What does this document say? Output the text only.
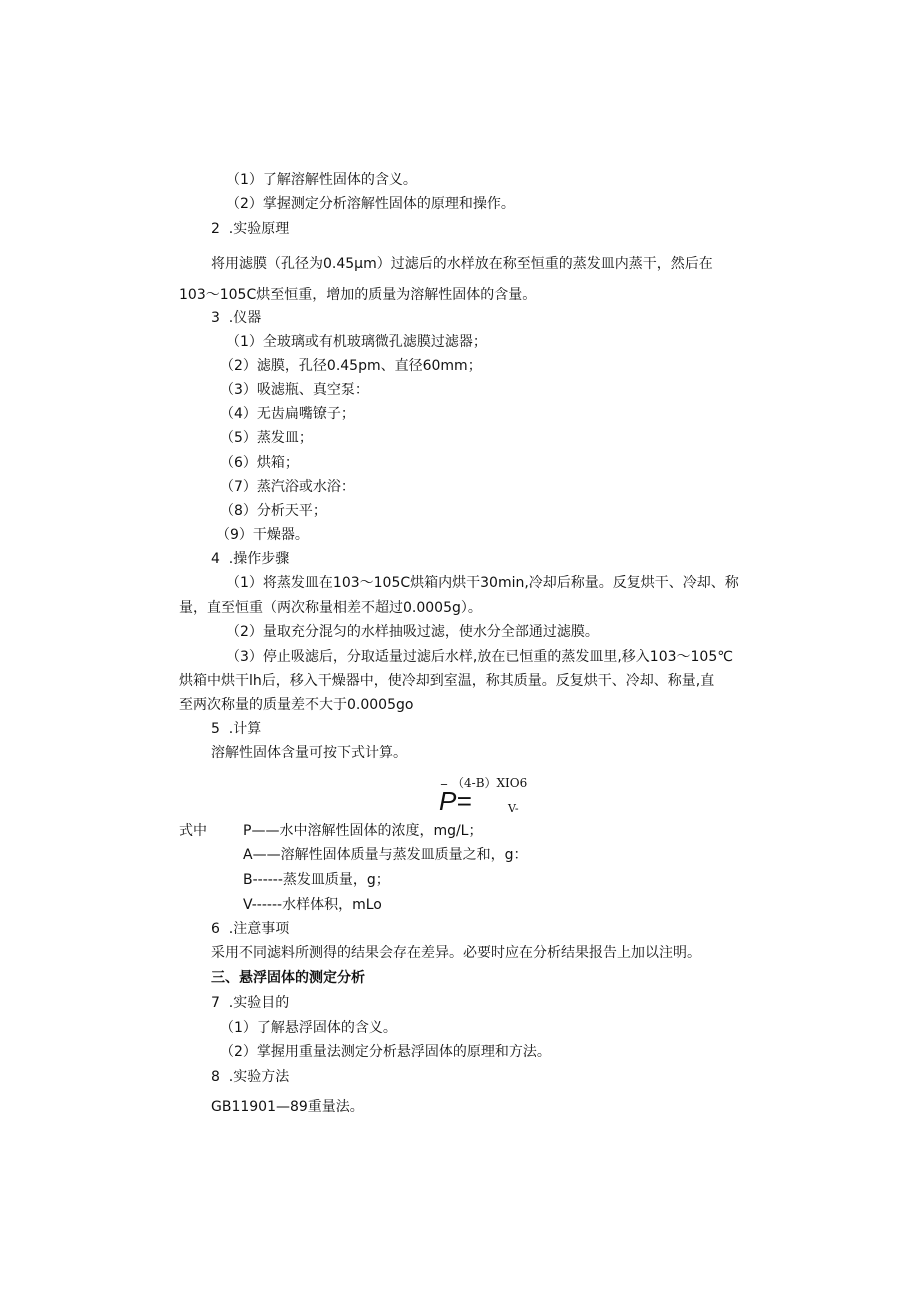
（1）了解溶解性固体的含义。
（2）掌握测定分析溶解性固体的原理和操作。
2  .实验原理
将用滤膜（孔径为0.45μm）过滤后的水样放在称至恒重的蒸发皿内蒸干，然后在
103～105C烘至恒重，增加的质量为溶解性固体的含量。
3  .仪器
（1）全玻璃或有机玻璃微孔滤膜过滤器；
（2）滤膜，孔径0.45pm、直径60mm；
（3）吸滤瓶、真空泵：
（4）无齿扁嘴镣子；
（5）蒸发皿；
（6）烘箱；
（7）蒸汽浴或水浴：
（8）分析天平；
（9）干燥器。
4  .操作步骤
（1）将蒸发皿在103～105C烘箱内烘干30min,冷却后称量。反复烘干、冷却、称
量，直至恒重（两次称量相差不超过0.0005g）。
（2）量取充分混匀的水样抽吸过滤，使水分全部通过滤膜。
（3）停止吸滤后，分取适量过滤后水样,放在已恒重的蒸发皿里,移入103～105℃
烘箱中烘干lh后，移入干燥器中，使冷却到室温，称其质量。反复烘干、冷却、称量,直
至两次称量的质量差不大于0.0005go
5  .计算
溶解性固体含量可按下式计算。
_ （4-B）XIO6
P=	V-
式中	P——水中溶解性固体的浓度，mg/L；
A——溶解性固体质量与蒸发皿质量之和，g：
B------蒸发皿质量，g；
V------水样体积，mLo
6  .注意事项
采用不同滤料所测得的结果会存在差异。必要时应在分析结果报告上加以注明。
三、悬浮固体的测定分析
7  .实验目的
（1）了解悬浮固体的含义。
（2）掌握用重量法测定分析悬浮固体的原理和方法。
8  .实验方法
GB11901—89重量法。
